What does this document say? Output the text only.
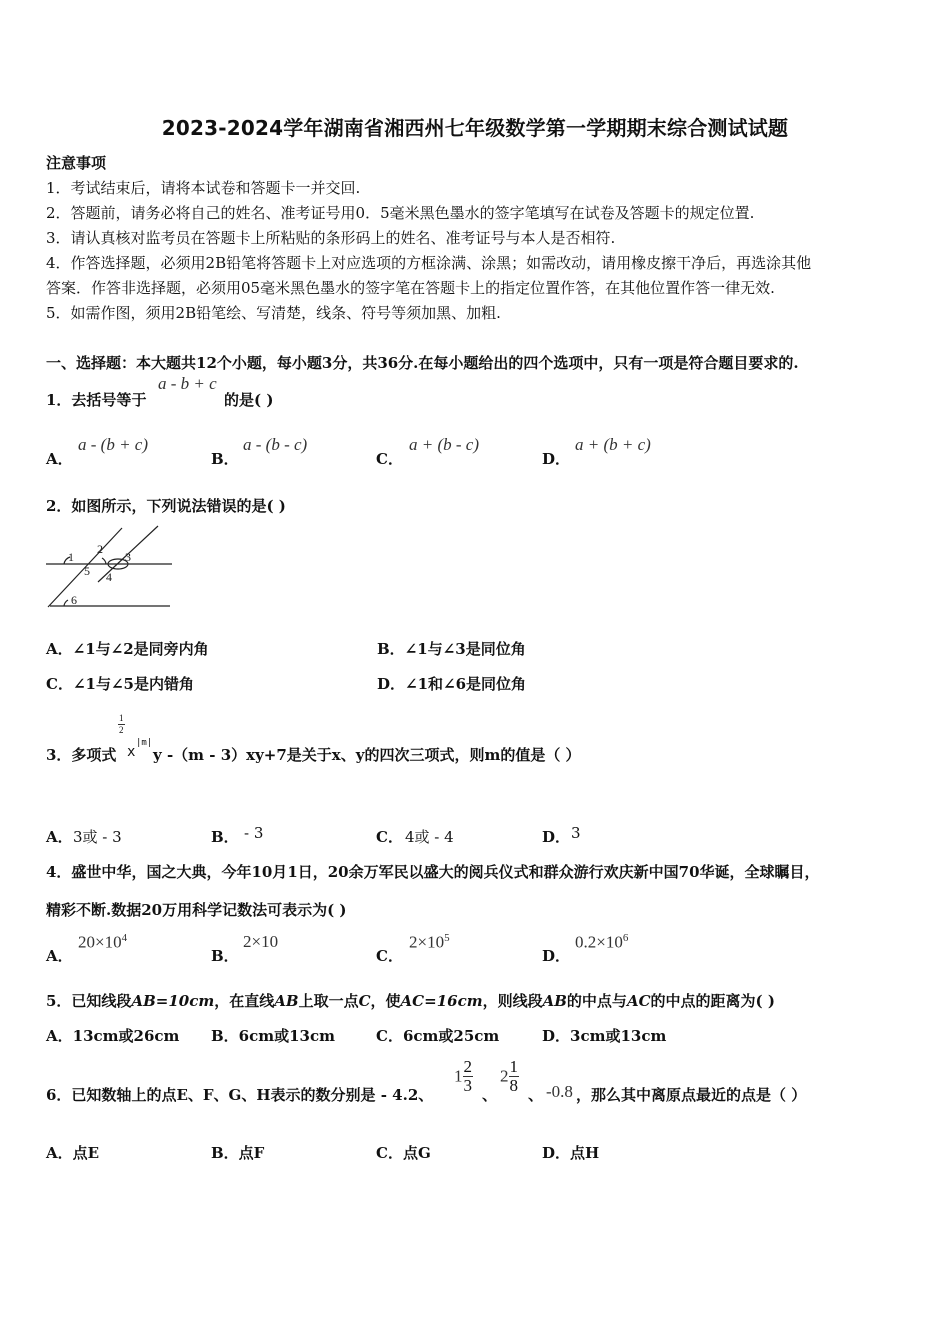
2023-2024学年湖南省湘西州七年级数学第一学期期末综合测试试题
注意事项
1．考试结束后，请将本试卷和答题卡一并交回.
2．答题前，请务必将自己的姓名、准考证号用0．5毫米黑色墨水的签字笔填写在试卷及答题卡的规定位置.
3．请认真核对监考员在答题卡上所粘贴的条形码上的姓名、准考证号与本人是否相符.
4．作答选择题，必须用2B铅笔将答题卡上对应选项的方框涂满、涂黑；如需改动，请用橡皮擦干净后，再选涂其他
答案．作答非选择题，必须用05毫米黑色墨水的签字笔在答题卡上的指定位置作答，在其他位置作答一律无效.
5．如需作图，须用2B铅笔绘、写清楚，线条、符号等须加黑、加粗.
一、选择题：本大题共12个小题，每小题3分，共36分.在每小题给出的四个选项中，只有一项是符合题目要求的.
1．去括号等于
a - b + c
的是( )
A．
a - (b + c)
B．
a - (b - c)
C．
a + (b - c)
D．
a + (b + c)
2．如图所示，下列说法错误的是( )
1
2
3
5 4
6
A．∠1与∠2是同旁内角	B．∠1与∠3是同位角
C．∠1与∠5是内错角	D．∠1和∠6是同位角
1
2
3．多项式 x
|m|
y -（m - 3）xy+7是关于x、y的四次三项式，则m的值是（ ）
A． 3或 - 3	B． - 3	C． 4或 - 4	D． 3
4．盛世中华，国之大典，今年10月1日，20余万军民以盛大的阅兵仪式和群众游行欢庆新中国70华诞，全球瞩目，
精彩不断.数据20万用科学记数法可表示为( )
A．
$20\times 10^4$
B．
2×10
C．
$2\times 10^5$
D．
$0.2\times 10^6$
5．已知线段AB=10cm，在直线AB上取一点C，使AC=16cm，则线段AB的中点与AC的中点的距离为( )
A．13cm或26cm B．6cm或13cm	C．6cm或25cm	D．3cm或13cm
6．已知数轴上的点E、F、G、H表示的数分别是 - 4.2、
$1 \frac{2}{3}$ 、
$2 \frac{1}{8}$ 、 -0.8 ，那么其中离原点最近的点是（ ）
A．点E	B．点F	C．点G	D．点H
